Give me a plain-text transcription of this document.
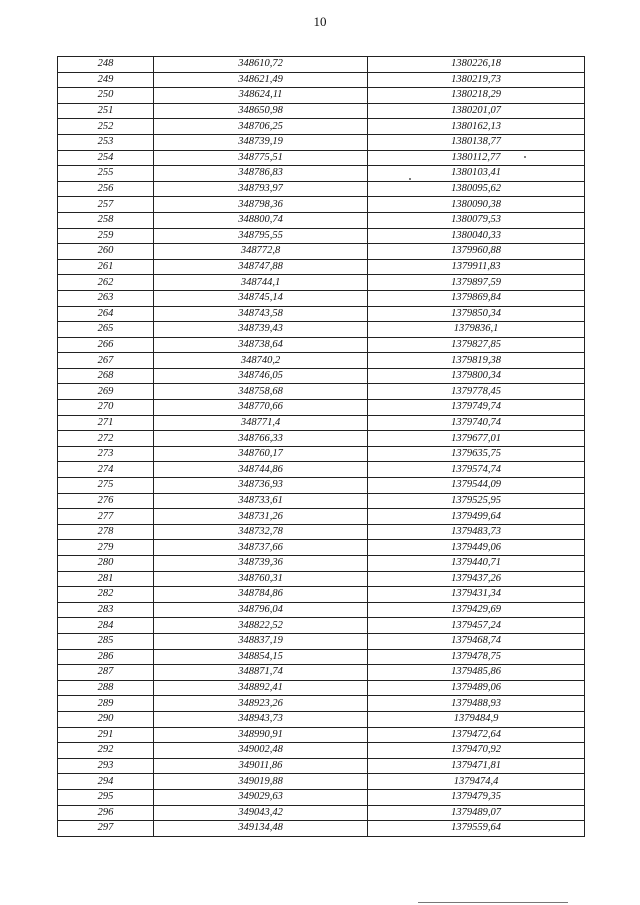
10
248	348610,72	1380226,18
249	348621,49	1380219,73
250	348624,11	1380218,29
251	348650,98	1380201,07
252	348706,25	1380162,13
253	348739,19	1380138,77
254	348775,51	1380112,77
255	348786,83	1380103,41
256	348793,97	1380095,62
257	348798,36	1380090,38
258	348800,74	1380079,53
259	348795,55	1380040,33
260	348772,8	1379960,88
261	348747,88	1379911,83
262	348744,1	1379897,59
263	348745,14	1379869,84
264	348743,58	1379850,34
265	348739,43	1379836,1
266	348738,64	1379827,85
267	348740,2	1379819,38
268	348746,05	1379800,34
269	348758,68	1379778,45
270	348770,66	1379749,74
271	348771,4	1379740,74
272	348766,33	1379677,01
273	348760,17	1379635,75
274	348744,86	1379574,74
275	348736,93	1379544,09
276	348733,61	1379525,95
277	348731,26	1379499,64
278	348732,78	1379483,73
279	348737,66	1379449,06
280	348739,36	1379440,71
281	348760,31	1379437,26
282	348784,86	1379431,34
283	348796,04	1379429,69
284	348822,52	1379457,24
285	348837,19	1379468,74
286	348854,15	1379478,75
287	348871,74	1379485,86
288	348892,41	1379489,06
289	348923,26	1379488,93
290	348943,73	1379484,9
291	348990,91	1379472,64
292	349002,48	1379470,92
293	349011,86	1379471,81
294	349019,88	1379474,4
295	349029,63	1379479,35
296	349043,42	1379489,07
297	349134,48	1379559,64
